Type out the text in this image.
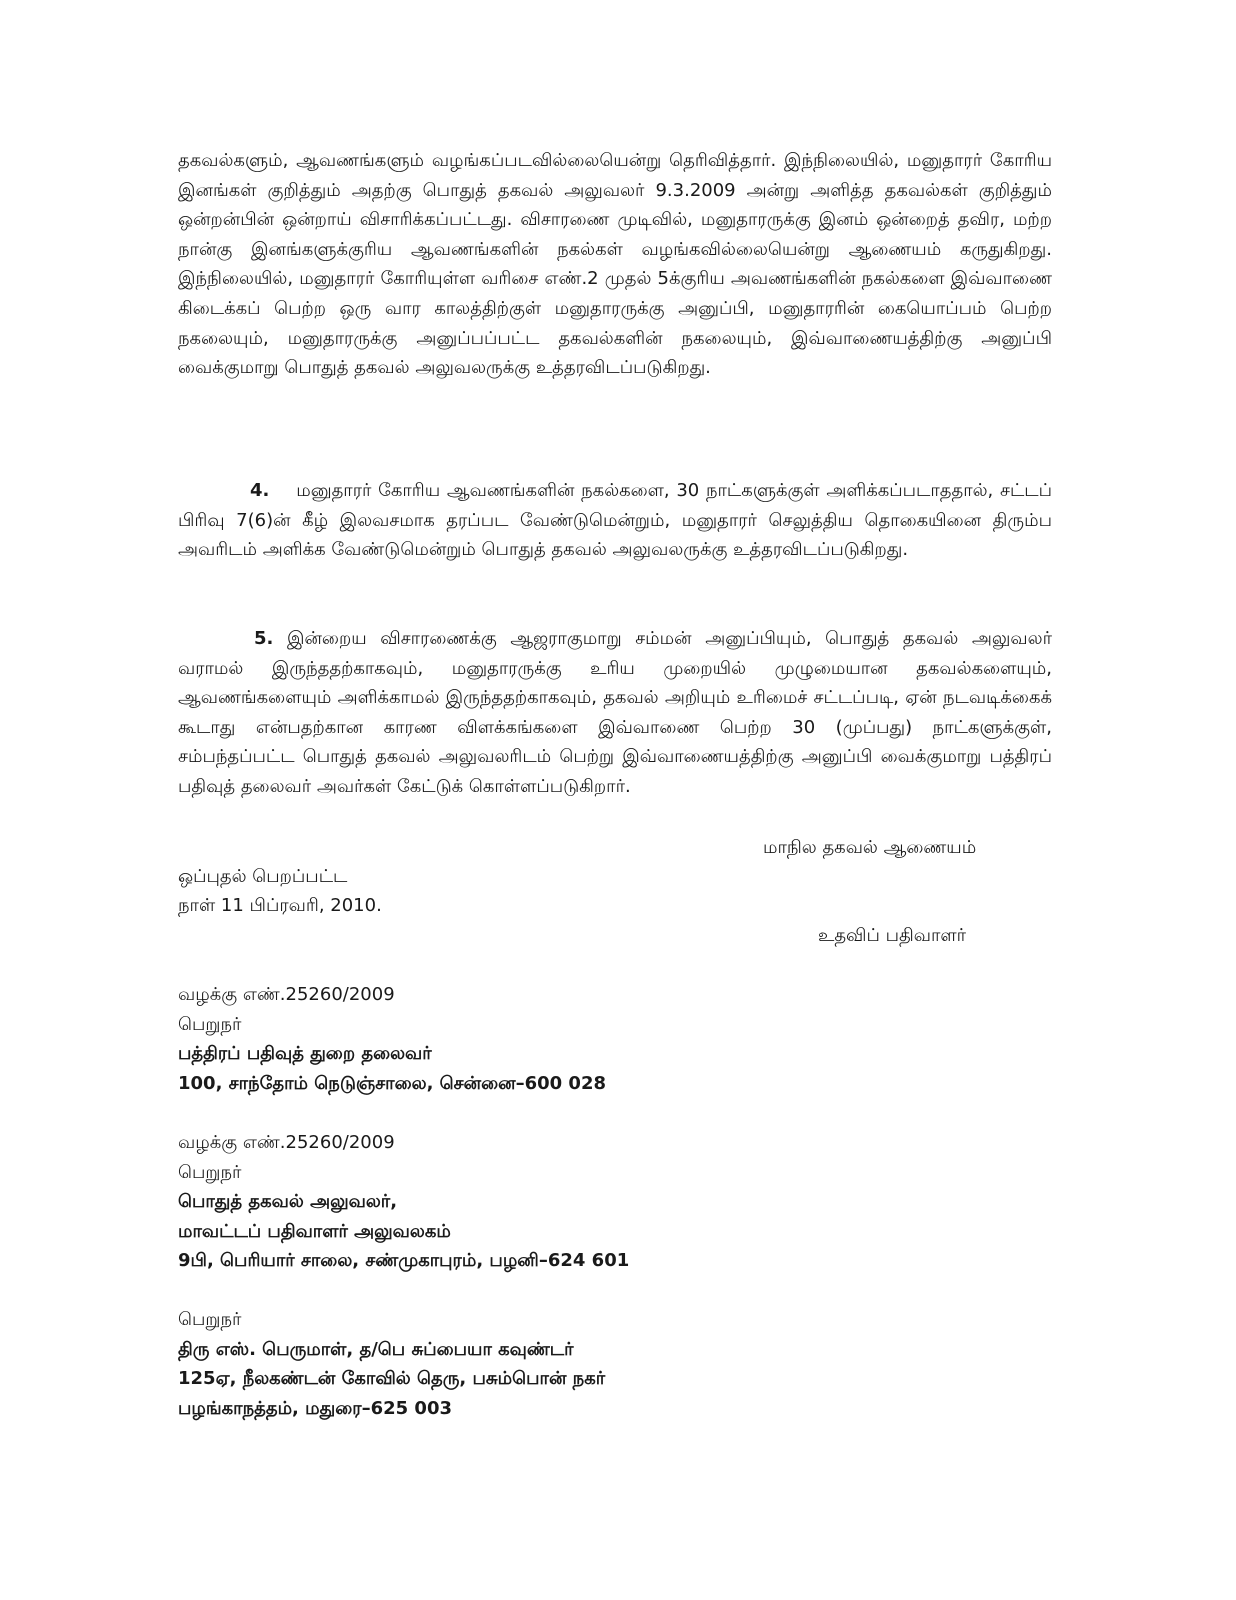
தகவல்களும், ஆவணங்களும் வழங்கப்படவில்லையென்று தெரிவித்தார். இந்நிலையில், மனுதாரர் கோரிய இனங்கள் குறித்தும் அதற்கு பொதுத் தகவல் அலுவலர் 9.3.2009 அன்று அளித்த தகவல்கள் குறித்தும் ஒன்றன்பின் ஒன்றாய் விசாரிக்கப்பட்டது. விசாரணை முடிவில், மனுதாரருக்கு இனம் ஒன்றைத் தவிர, மற்ற நான்கு இனங்களுக்குரிய ஆவணங்களின் நகல்கள் வழங்கவில்லையென்று ஆணையம் கருதுகிறது. இந்நிலையில், மனுதாரர் கோரியுள்ள வரிசை எண்.2 முதல் 5க்குரிய அவணங்களின் நகல்களை இவ்வாணை கிடைக்கப் பெற்ற ஒரு வார காலத்திற்குள் மனுதாரருக்கு அனுப்பி, மனுதாரரின் கையொப்பம் பெற்ற நகலையும், மனுதாரருக்கு அனுப்பப்பட்ட தகவல்களின் நகலையும், இவ்வாணையத்திற்கு அனுப்பி வைக்குமாறு பொதுத் தகவல் அலுவலருக்கு உத்தரவிடப்படுகிறது.

4. மனுதாரர் கோரிய ஆவணங்களின் நகல்களை, 30 நாட்களுக்குள் அளிக்கப்படாததால், சட்டப் பிரிவு 7(6)ன் கீழ் இலவசமாக தரப்பட வேண்டுமென்றும், மனுதாரர் செலுத்திய தொகையினை திரும்ப அவரிடம் அளிக்க வேண்டுமென்றும் பொதுத் தகவல் அலுவலருக்கு உத்தரவிடப்படுகிறது.

5. இன்றைய விசாரணைக்கு ஆஜராகுமாறு சம்மன் அனுப்பியும், பொதுத் தகவல் அலுவலர் வராமல் இருந்ததற்காகவும், மனுதாரருக்கு உரிய முறையில் முழுமையான தகவல்களையும், ஆவணங்களையும் அளிக்காமல் இருந்ததற்காகவும், தகவல் அறியும் உரிமைச் சட்டப்படி, ஏன் நடவடிக்கைக் கூடாது என்பதற்கான காரண விளக்கங்களை இவ்வாணை பெற்ற 30 (முப்பது) நாட்களுக்குள், சம்பந்தப்பட்ட பொதுத் தகவல் அலுவலரிடம் பெற்று இவ்வாணையத்திற்கு அனுப்பி வைக்குமாறு பத்திரப் பதிவுத் தலைவர் அவர்கள் கேட்டுக் கொள்ளப்படுகிறார்.

மாநில தகவல் ஆணையம்
ஒப்புதல் பெறப்பட்ட
நாள் 11 பிப்ரவரி, 2010.
உதவிப் பதிவாளர்
வழக்கு எண்.25260/2009
பெறுநர்
பத்திரப் பதிவுத் துறை தலைவர்
100, சாந்தோம் நெடுஞ்சாலை, சென்னை–600 028
வழக்கு எண்.25260/2009
பெறுநர்
பொதுத் தகவல் அலுவலர்,
மாவட்டப் பதிவாளர் அலுவலகம்
9பி, பெரியார் சாலை, சண்முகாபுரம், பழனி–624 601
பெறுநர்
திரு எஸ். பெருமாள், த/பெ சுப்பையா கவுண்டர்
125ஏ, நீலகண்டன் கோவில் தெரு, பசும்பொன் நகர்
பழங்காநத்தம், மதுரை–625 003
